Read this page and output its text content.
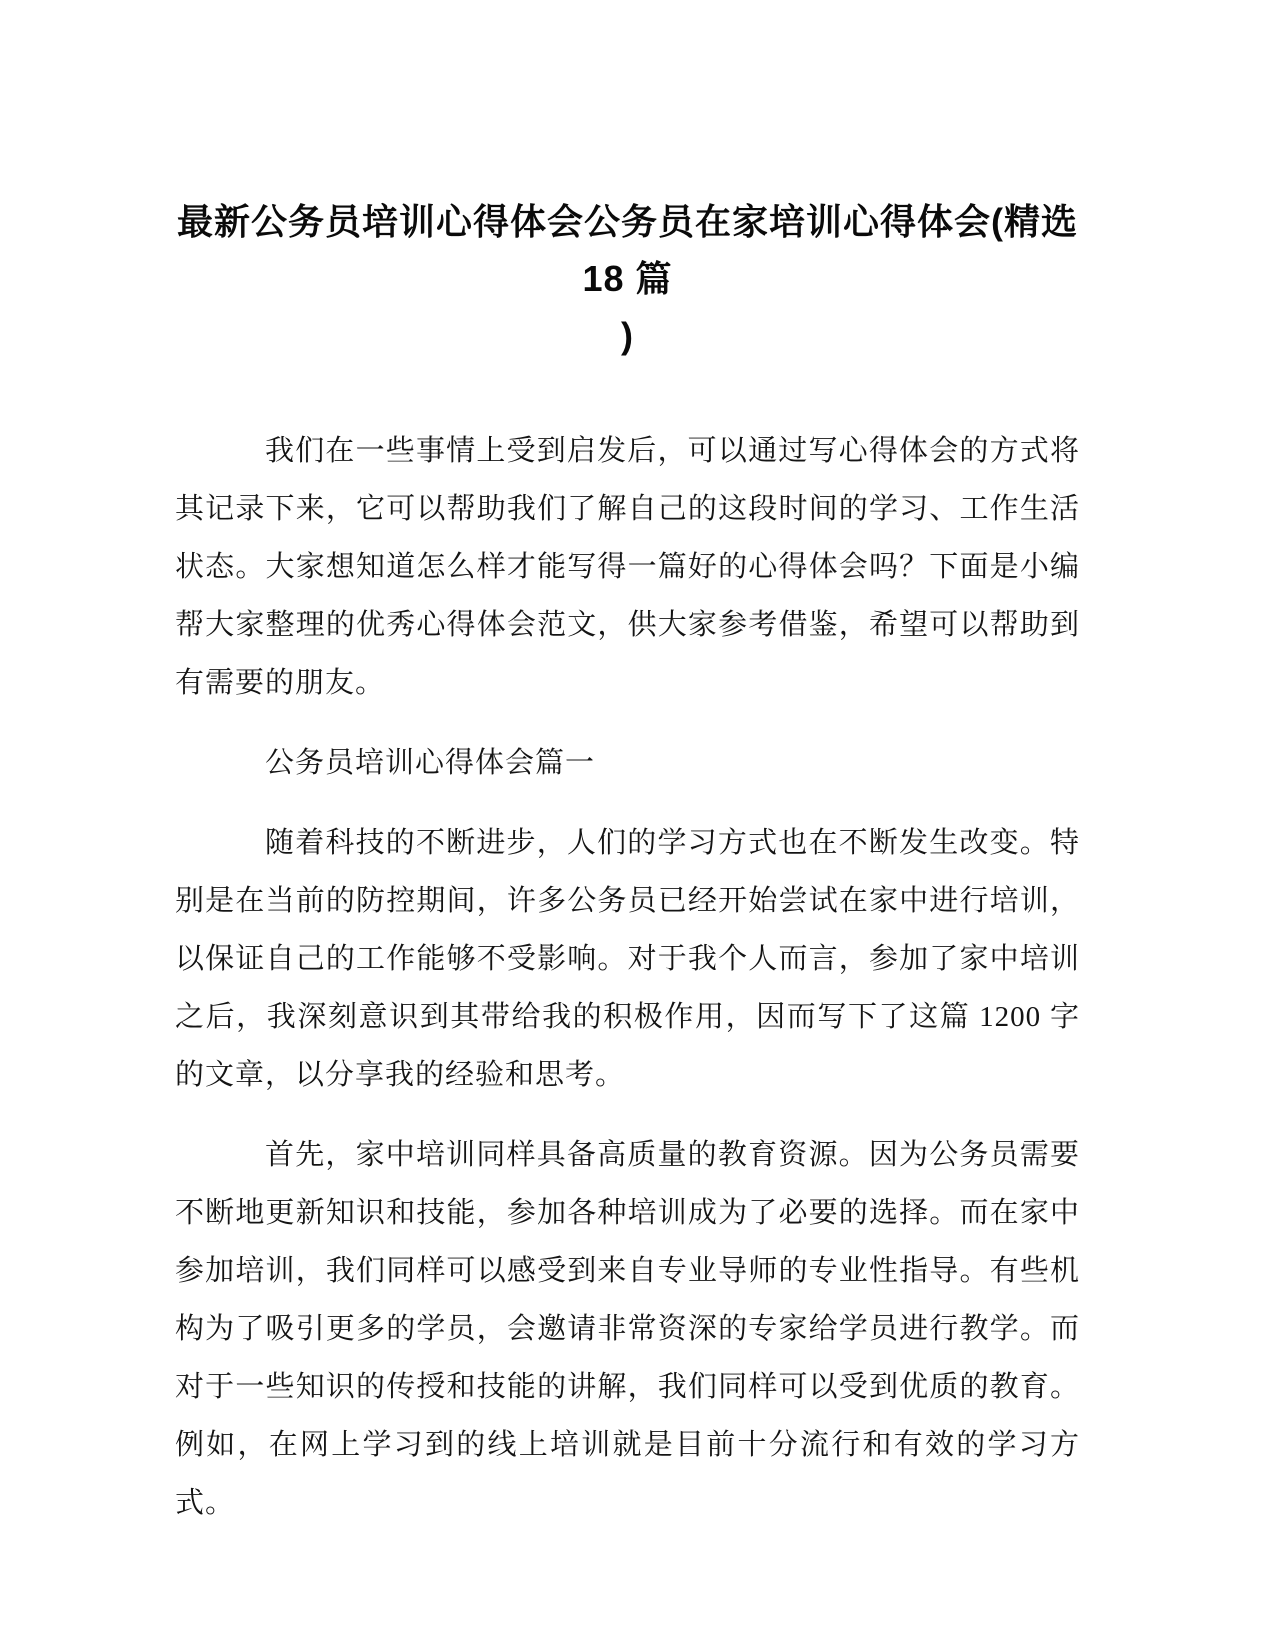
最新公务员培训心得体会公务员在家培训心得体会(精选 18 篇
)

我们在一些事情上受到启发后，可以通过写心得体会的方式将其记录下来，它可以帮助我们了解自己的这段时间的学习、工作生活状态。大家想知道怎么样才能写得一篇好的心得体会吗？下面是小编帮大家整理的优秀心得体会范文，供大家参考借鉴，希望可以帮助到有需要的朋友。

公务员培训心得体会篇一

随着科技的不断进步，人们的学习方式也在不断发生改变。特别是在当前的防控期间，许多公务员已经开始尝试在家中进行培训，以保证自己的工作能够不受影响。对于我个人而言，参加了家中培训之后，我深刻意识到其带给我的积极作用，因而写下了这篇 1200 字的文章，以分享我的经验和思考。

首先，家中培训同样具备高质量的教育资源。因为公务员需要不断地更新知识和技能，参加各种培训成为了必要的选择。而在家中参加培训，我们同样可以感受到来自专业导师的专业性指导。有些机构为了吸引更多的学员，会邀请非常资深的专家给学员进行教学。而对于一些知识的传授和技能的讲解，我们同样可以受到优质的教育。例如，在网上学习到的线上培训就是目前十分流行和有效的学习方式。
